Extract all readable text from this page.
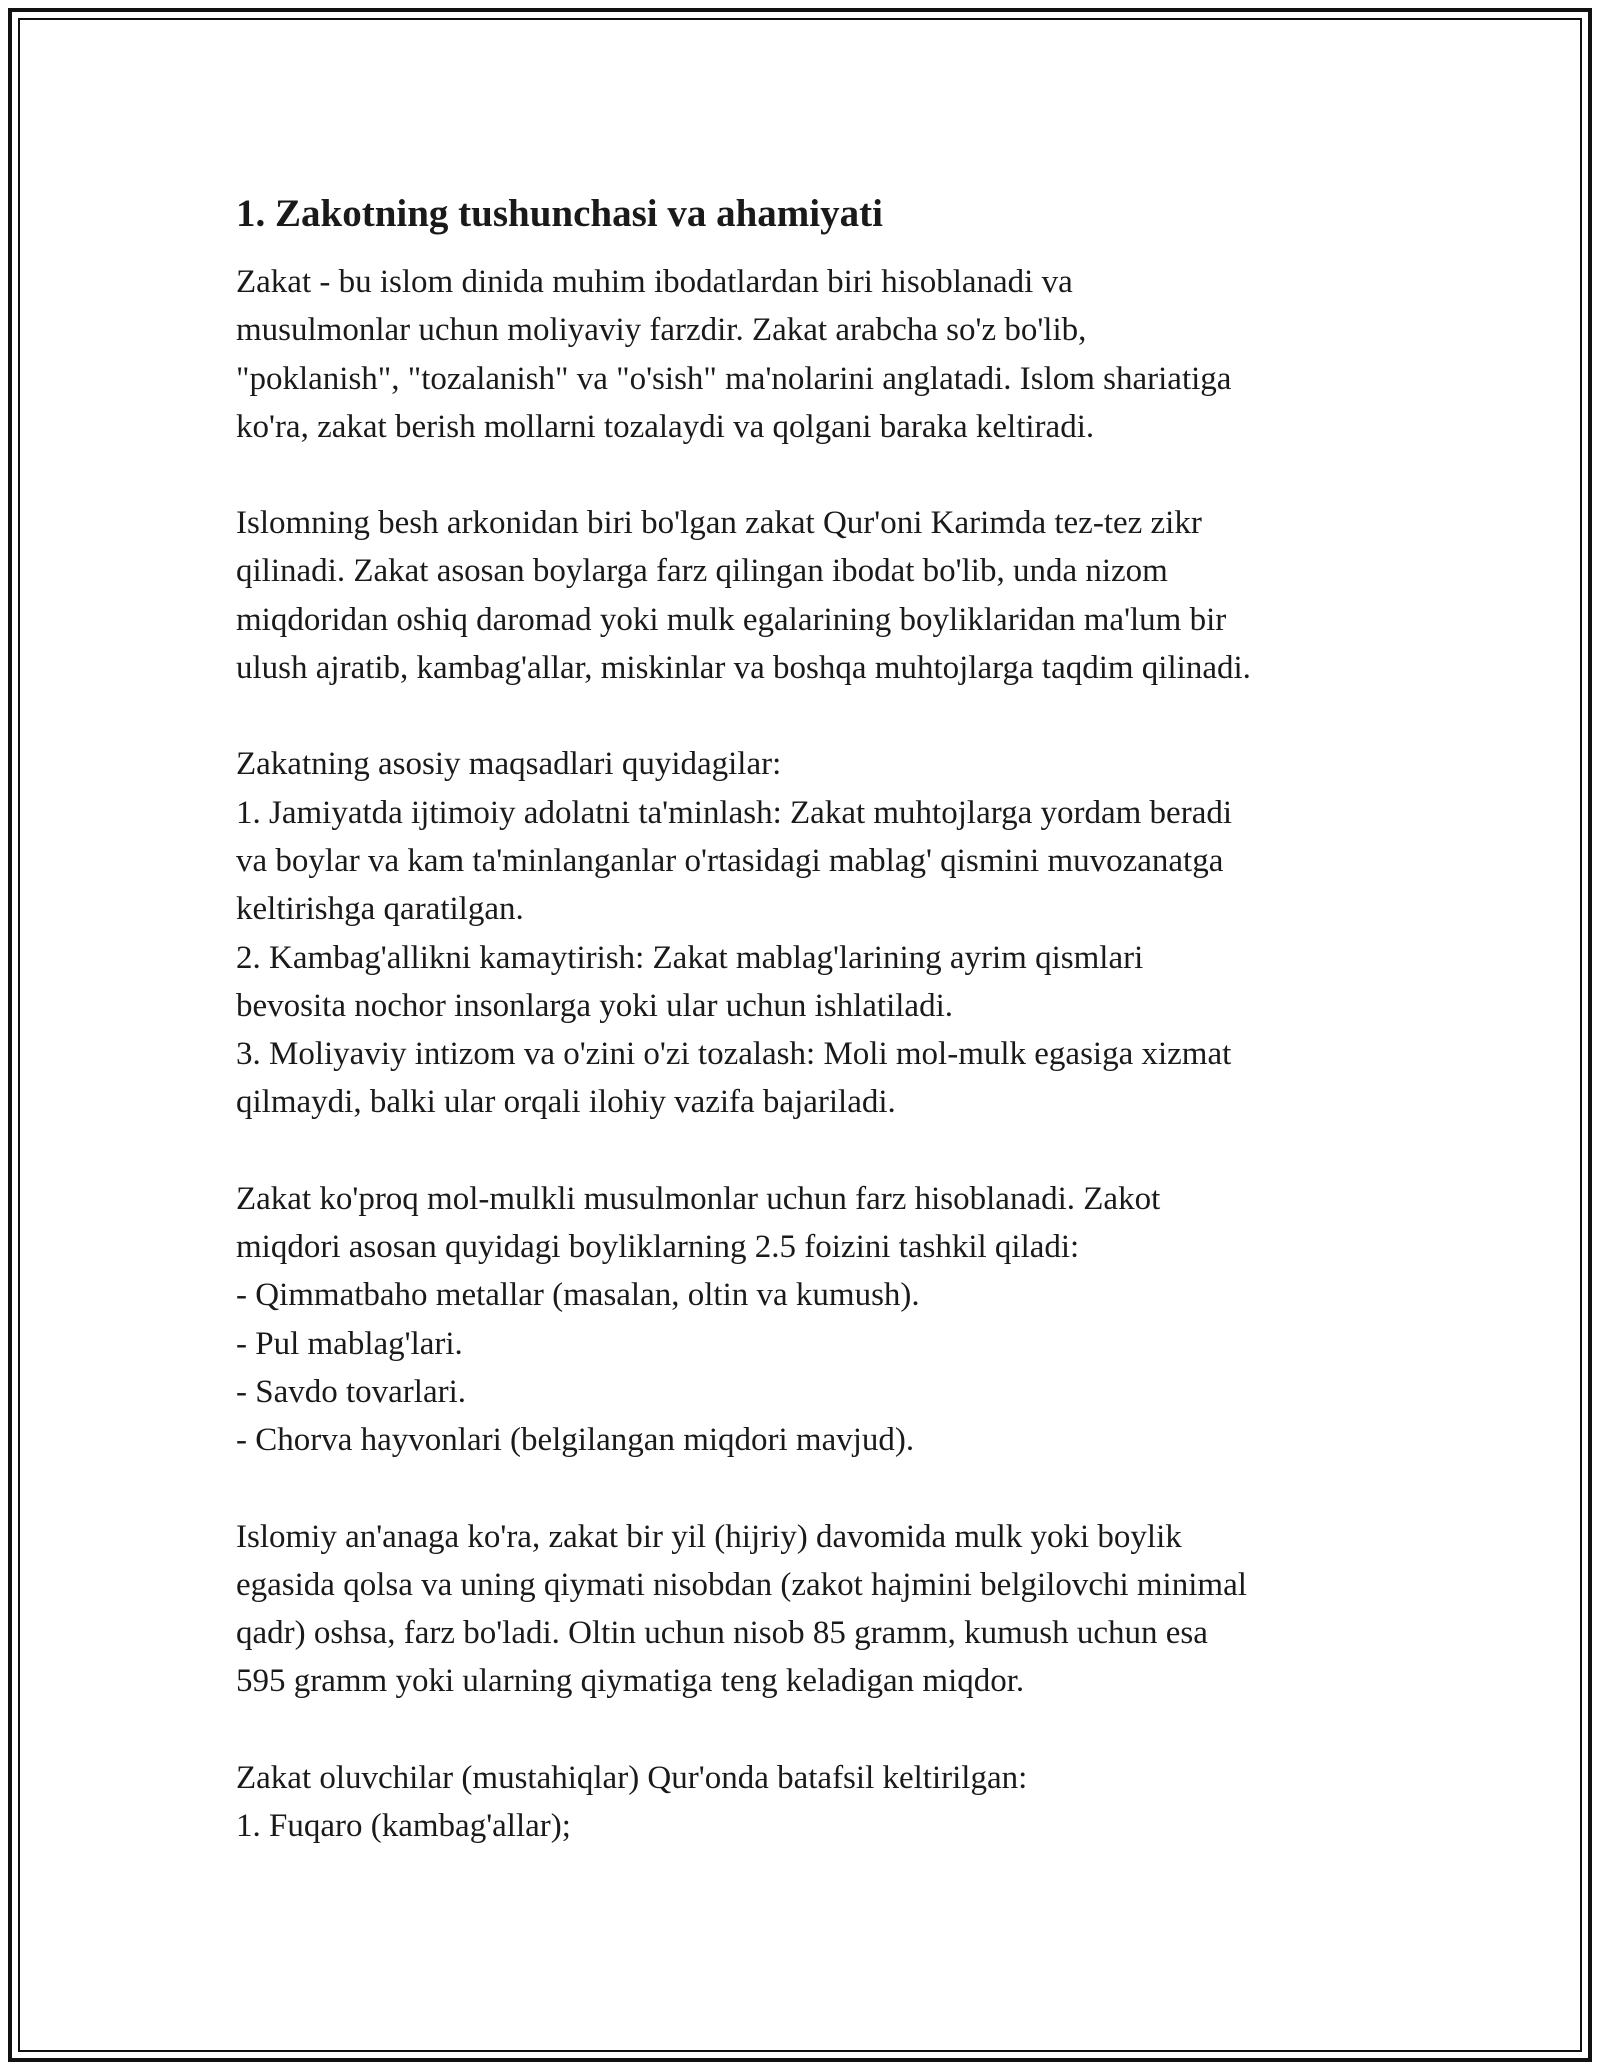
1. Zakotning tushunchasi va ahamiyati
Zakat - bu islom dinida muhim ibodatlardan biri hisoblanadi va
musulmonlar uchun moliyaviy farzdir. Zakat arabcha so'z bo'lib,
"poklanish", "tozalanish" va "o'sish" ma'nolarini anglatadi. Islom shariatiga
ko'ra, zakat berish mollarni tozalaydi va qolgani baraka keltiradi.
Islomning besh arkonidan biri bo'lgan zakat Qur'oni Karimda tez-tez zikr
qilinadi. Zakat asosan boylarga farz qilingan ibodat bo'lib, unda nizom
miqdoridan oshiq daromad yoki mulk egalarining boyliklaridan ma'lum bir
ulush ajratib, kambag'allar, miskinlar va boshqa muhtojlarga taqdim qilinadi.
Zakatning asosiy maqsadlari quyidagilar:
1. Jamiyatda ijtimoiy adolatni ta'minlash: Zakat muhtojlarga yordam beradi
va boylar va kam ta'minlanganlar o'rtasidagi mablag' qismini muvozanatga
keltirishga qaratilgan.
2. Kambag'allikni kamaytirish: Zakat mablag'larining ayrim qismlari
bevosita nochor insonlarga yoki ular uchun ishlatiladi.
3. Moliyaviy intizom va o'zini o'zi tozalash: Moli mol-mulk egasiga xizmat
qilmaydi, balki ular orqali ilohiy vazifa bajariladi.
Zakat ko'proq mol-mulkli musulmonlar uchun farz hisoblanadi. Zakot
miqdori asosan quyidagi boyliklarning 2.5 foizini tashkil qiladi:
- Qimmatbaho metallar (masalan, oltin va kumush).
- Pul mablag'lari.
- Savdo tovarlari.
- Chorva hayvonlari (belgilangan miqdori mavjud).
Islomiy an'anaga ko'ra, zakat bir yil (hijriy) davomida mulk yoki boylik
egasida qolsa va uning qiymati nisobdan (zakot hajmini belgilovchi minimal
qadr) oshsa, farz bo'ladi. Oltin uchun nisob 85 gramm, kumush uchun esa
595 gramm yoki ularning qiymatiga teng keladigan miqdor.
Zakat oluvchilar (mustahiqlar) Qur'onda batafsil keltirilgan:
1. Fuqaro (kambag'allar);
